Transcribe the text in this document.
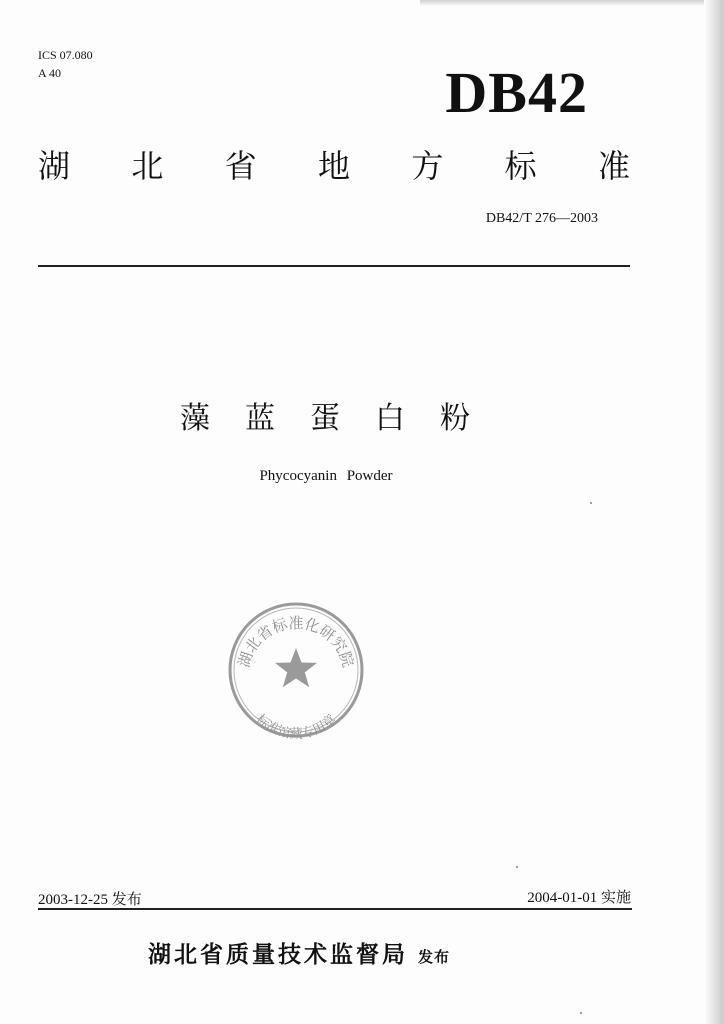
ICS 07.080
A 40	DB42
湖 北 省 地 方 标 准
DB42/T 276—2003
藻 蓝 蛋 白 粉
Phycocyanin Powder
湖北省标准化研究院
标准馆藏专用章
2003-12-25 发布	2004-01-01 实施
湖北省质量技术监督局 发布
